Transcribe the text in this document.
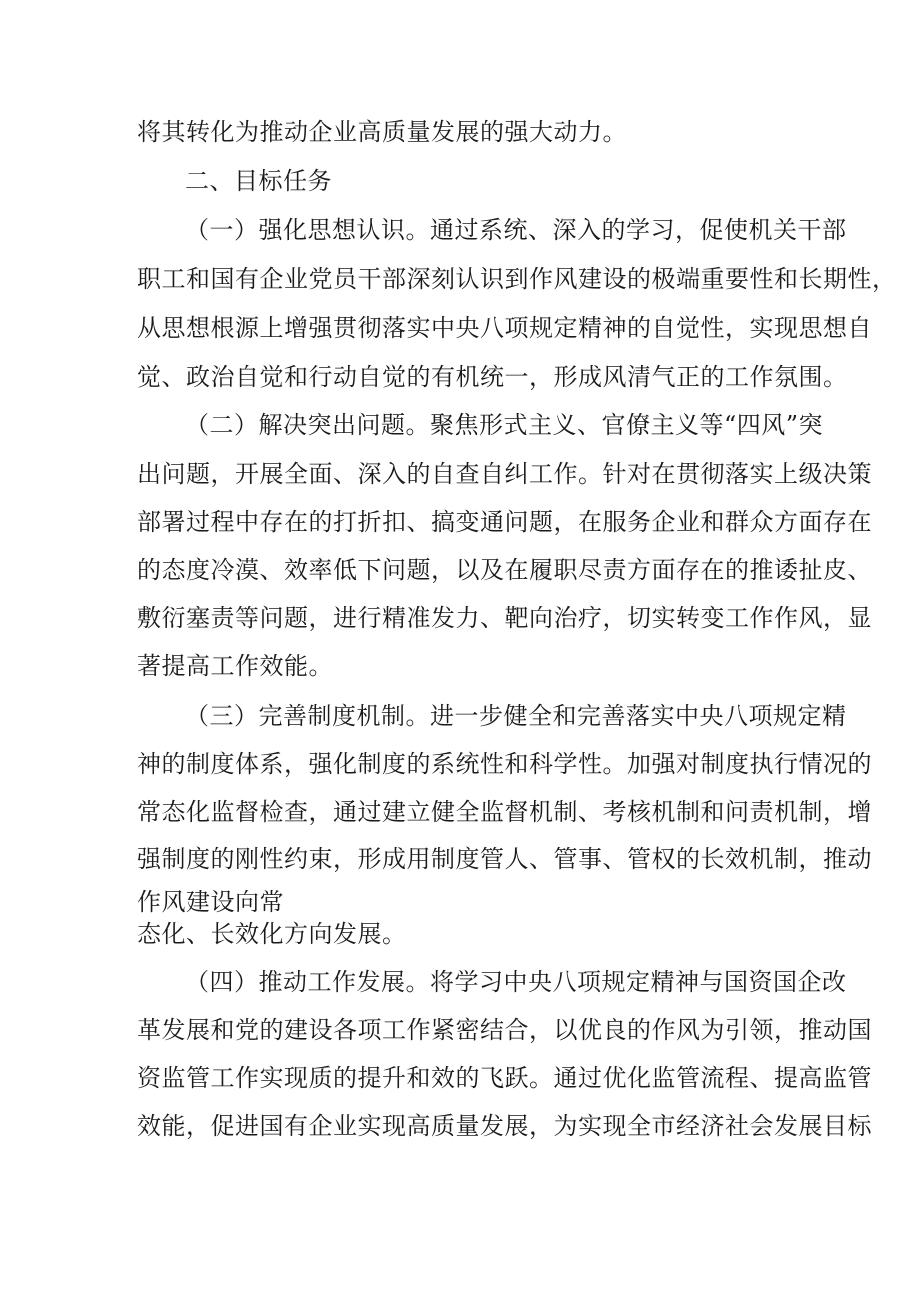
将其转化为推动企业高质量发展的强大动力。
二、目标任务
（一）强化思想认识。通过系统、深入的学习，促使机关干部
职工和国有企业党员干部深刻认识到作风建设的极端重要性和长期性，
从思想根源上增强贯彻落实中央八项规定精神的自觉性，实现思想自
觉、政治自觉和行动自觉的有机统一，形成风清气正的工作氛围。
（二）解决突出问题。聚焦形式主义、官僚主义等“四风”突
出问题，开展全面、深入的自查自纠工作。针对在贯彻落实上级决策
部署过程中存在的打折扣、搞变通问题，在服务企业和群众方面存在
的态度冷漠、效率低下问题，以及在履职尽责方面存在的推诿扯皮、
敷衍塞责等问题，进行精准发力、靶向治疗，切实转变工作作风，显
著提高工作效能。
（三）完善制度机制。进一步健全和完善落实中央八项规定精
神的制度体系，强化制度的系统性和科学性。加强对制度执行情况的
常态化监督检查，通过建立健全监督机制、考核机制和问责机制，增
强制度的刚性约束，形成用制度管人、管事、管权的长效机制，推动
作风建设向常
态化、长效化方向发展。
（四）推动工作发展。将学习中央八项规定精神与国资国企改
革发展和党的建设各项工作紧密结合，以优良的作风为引领，推动国
资监管工作实现质的提升和效的飞跃。通过优化监管流程、提高监管
效能，促进国有企业实现高质量发展，为实现全市经济社会发展目标
